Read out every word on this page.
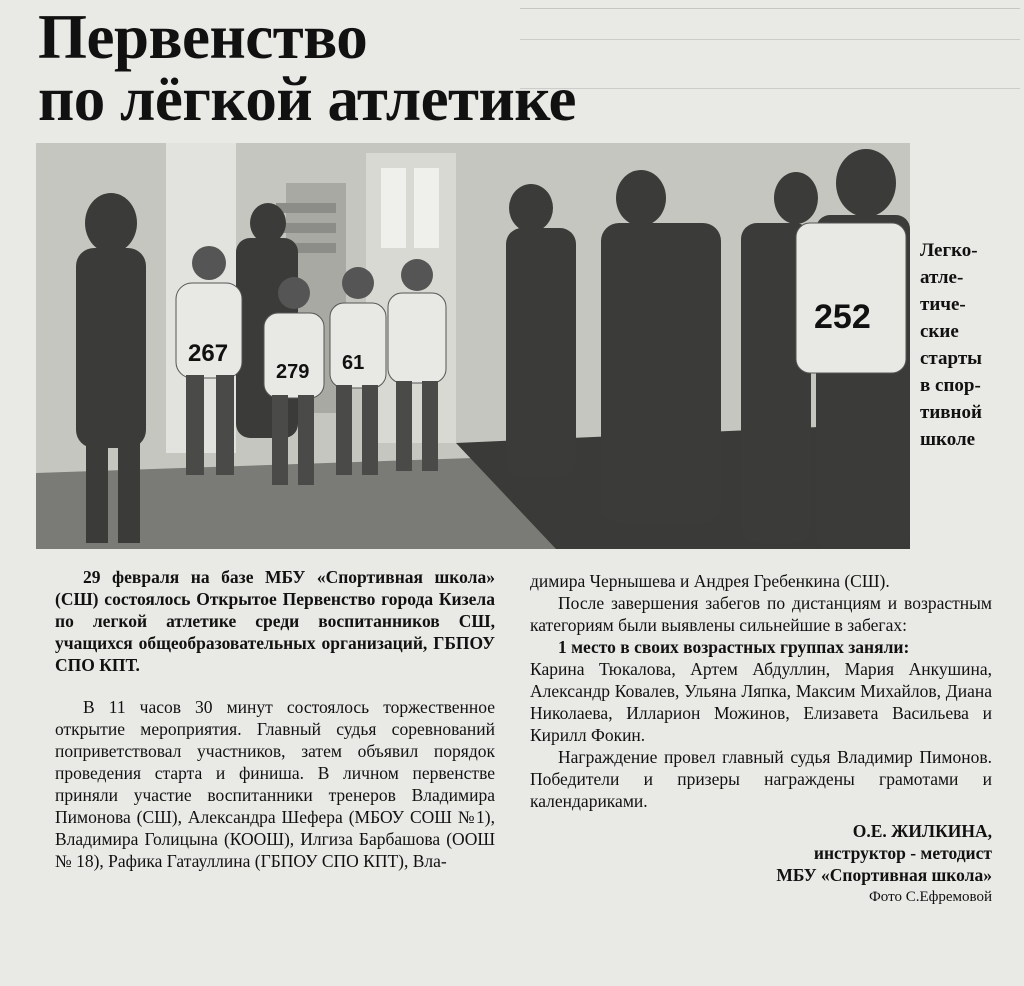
Первенство
по лёгкой атлетике
267
279 61
252
Легко-
атле-
тиче-
ские
старты
в спор-
тивной
школе

29 февраля на базе МБУ «Спортивная школа» (СШ) состоялось Открытое Первенство города Кизела по легкой атлетике среди воспитанников СШ, учащихся общеобразовательных организаций, ГБПОУ СПО КПТ.

В 11 часов 30 минут состоялось торжественное открытие мероприятия. Главный судья соревнований поприветствовал участников, затем объявил порядок проведения старта и финиша. В личном первенстве приняли участие воспитанники тренеров Владимира Пимонова (СШ), Александра Шефера (МБОУ СОШ №1), Владимира Голицына (КООШ), Илгиза Барбашова (ООШ № 18), Рафика Гатауллина (ГБПОУ СПО КПТ), Вла-

димира Чернышева и Андрея Гребенкина (СШ).

После завершения забегов по дистанциям и возрастным категориям были выявлены сильнейшие в забегах:

1 место в своих возрастных группах заняли:

Карина Тюкалова, Артем Абдуллин, Мария Анкушина, Александр Ковалев, Ульяна Ляпка, Максим Михайлов, Диана Николаева, Илларион Можинов, Елизавета Васильева и Кирилл Фокин.

Награждение провел главный судья Владимир Пимонов. Победители и призеры награждены грамотами и календариками.

О.Е. ЖИЛКИНА,

инструктор - методист

МБУ «Спортивная школа»

Фото С.Ефремовой
